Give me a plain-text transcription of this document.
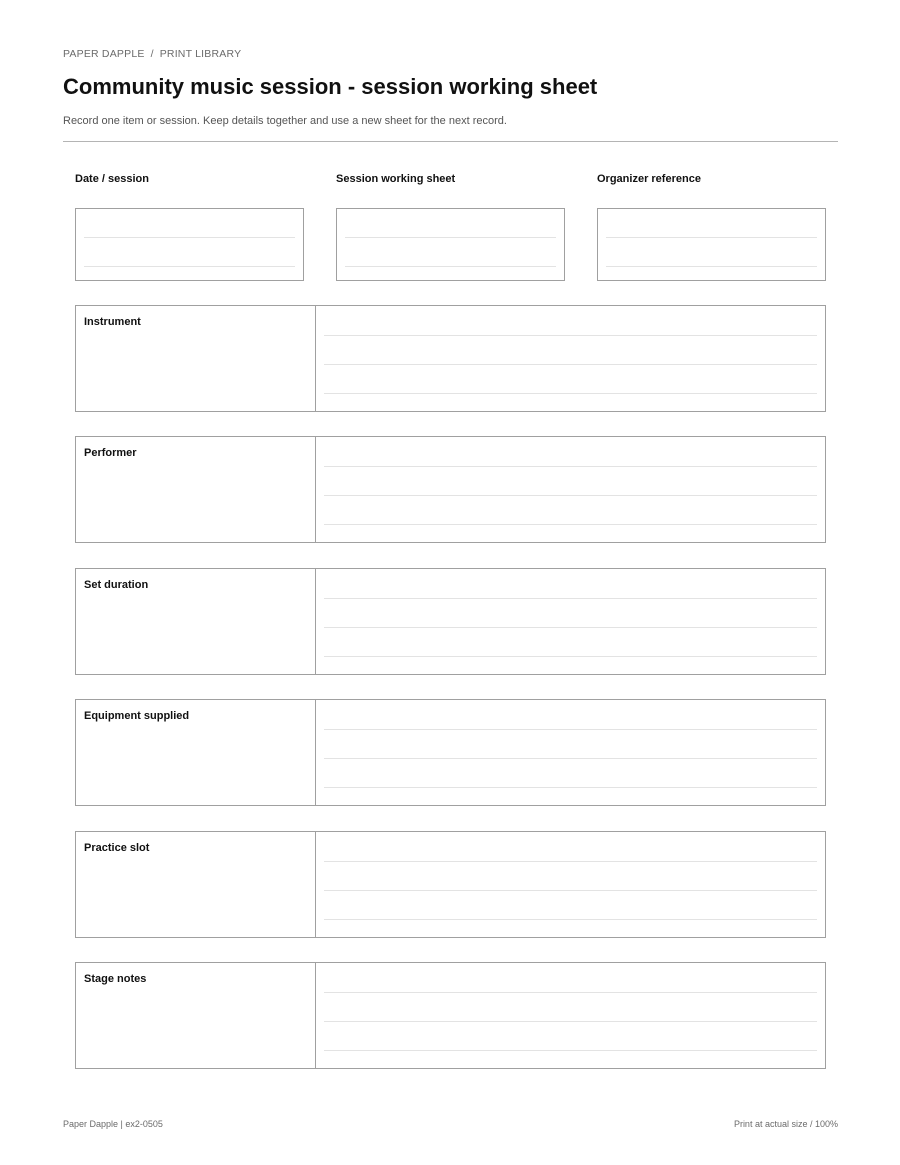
PAPER DAPPLE / PRINT LIBRARY
Community music session - session working sheet
Record one item or session. Keep details together and use a new sheet for the next record.
Date / session	Session working sheet	Organizer reference
Instrument
Performer
Set duration
Equipment supplied
Practice slot
Stage notes
Paper Dapple | ex2-0505	Print at actual size / 100%
